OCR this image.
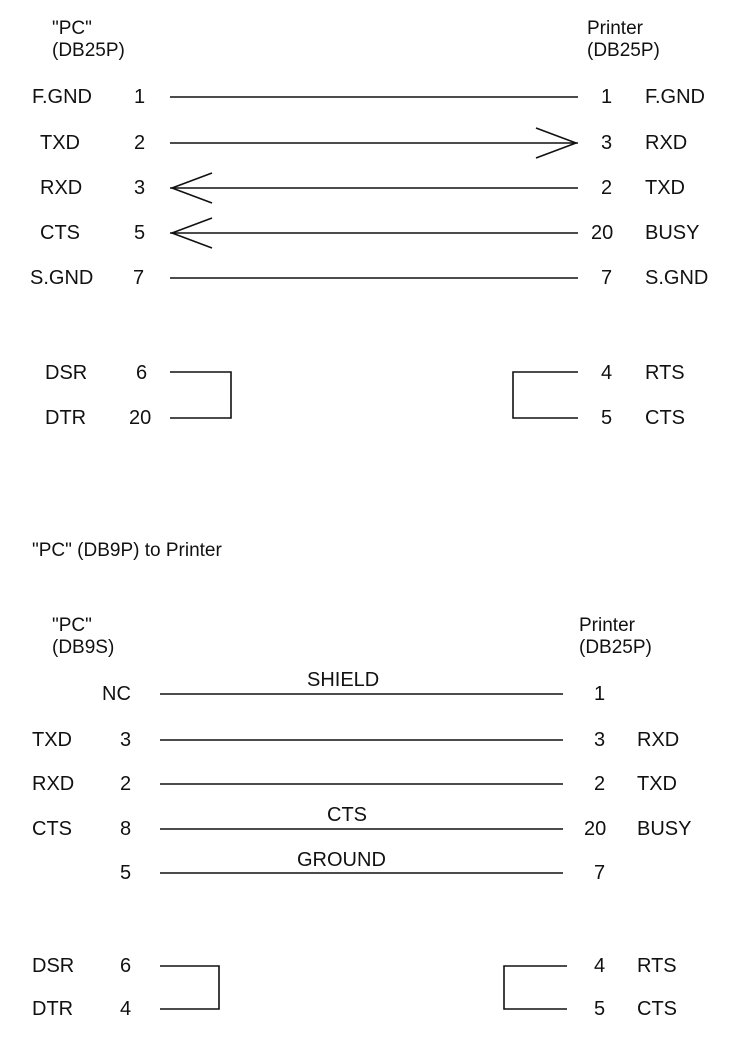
"PC"
(DB25P)
Printer
(DB25P)
F.GND 1	1 F.GND
TXD	2	3 RXD
RXD	3	2 TXD
CTS	5	20 BUSY
S.GND 7	7 S.GND
DSR 6
DTR 20
4 RTS
5 CTS
"PC" (DB9P) to Printer
"PC"
(DB9S)
Printer
(DB25P)
SHIELD
CTS
GROUND
NC	1
TXD 3	3 RXD
RXD 2	2 TXD
CTS 8	20 BUSY
5	7
DSR 6
DTR 4
4 RTS
5 CTS
